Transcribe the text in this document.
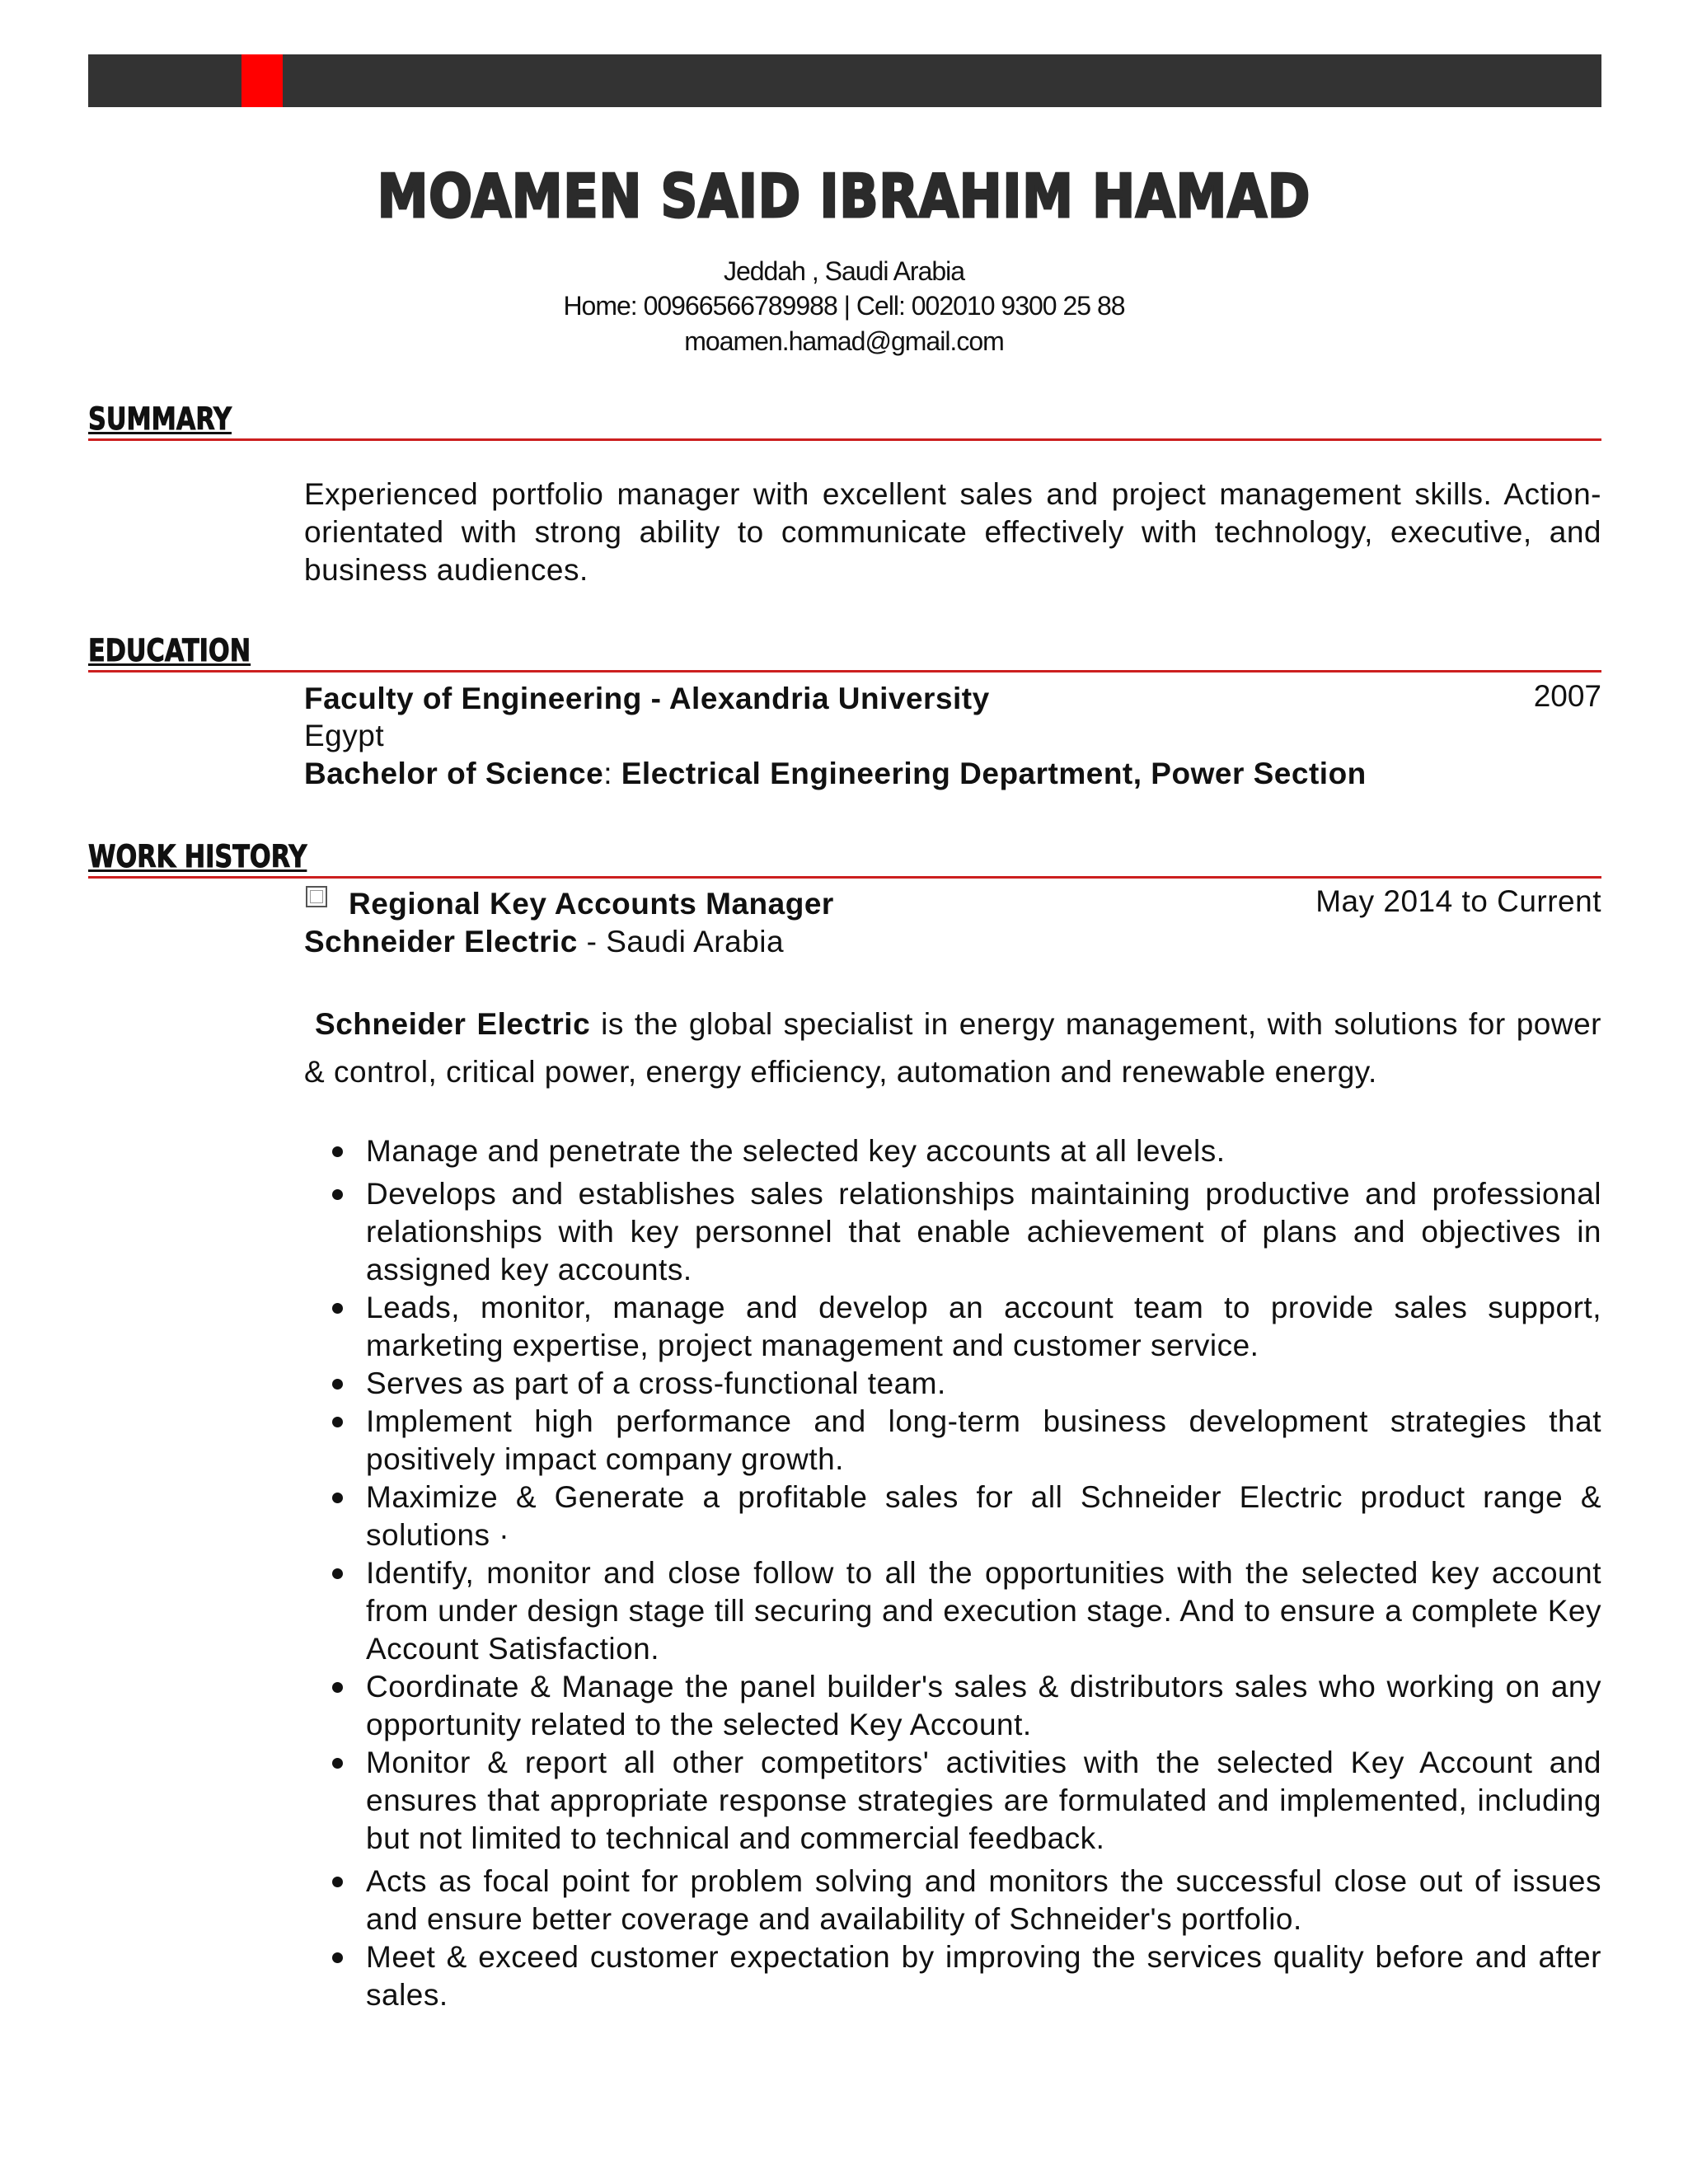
MOAMEN SAID IBRAHIM HAMAD
Jeddah , Saudi Arabia
Home: 00966566789988 | Cell: 002010 9300 25 88
moamen.hamad@gmail.com
SUMMARY
Experienced portfolio manager with excellent sales and project management skills. Action-orientated with strong ability to communicate effectively with technology, executive, and business audiences.
EDUCATION
Faculty of Engineering - Alexandria University	2007
Egypt
Bachelor of Science: Electrical Engineering Department, Power Section
WORK HISTORY
Regional Key Accounts Manager	May 2014 to Current
Schneider Electric - Saudi Arabia
Schneider Electric is the global specialist in energy management, with solutions for power & control, critical power, energy efficiency, automation and renewable energy.
Manage and penetrate the selected key accounts at all levels.
Develops and establishes sales relationships maintaining productive and professional relationships with key personnel that enable achievement of plans and objectives in assigned key accounts.
Leads, monitor, manage and develop an account team to provide sales support, marketing expertise, project management and customer service.
Serves as part of a cross-functional team.
Implement high performance and long-term business development strategies that positively impact company growth.
Maximize & Generate a profitable sales for all Schneider Electric product range & solutions ·
Identify, monitor and close follow to all the opportunities with the selected key account from under design stage till securing and execution stage. And to ensure a complete Key Account Satisfaction.
Coordinate & Manage the panel builder's sales & distributors sales who working on any opportunity related to the selected Key Account.
Monitor & report all other competitors' activities with the selected Key Account and ensures that appropriate response strategies are formulated and implemented, including but not limited to technical and commercial feedback.
Acts as focal point for problem solving and monitors the successful close out of issues and ensure better coverage and availability of Schneider's portfolio.
Meet & exceed customer expectation by improving the services quality before and after sales.
